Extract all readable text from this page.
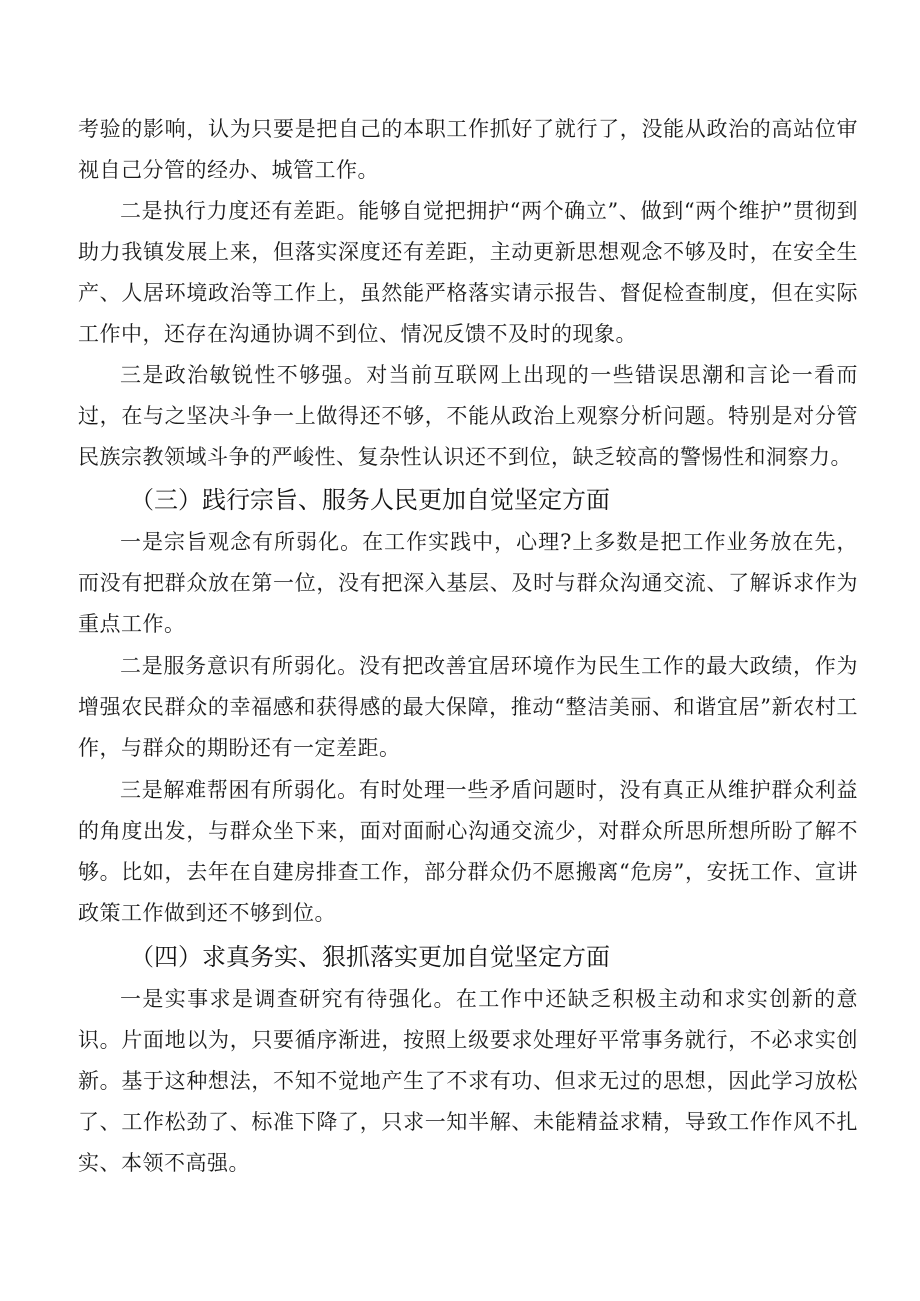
考验的影响，认为只要是把自己的本职工作抓好了就行了，没能从政治的高站位审视自己分管的经办、城管工作。

二是执行力度还有差距。能够自觉把拥护“两个确立”、做到“两个维护”贯彻到助力我镇发展上来，但落实深度还有差距，主动更新思想观念不够及时，在安全生产、人居环境政治等工作上，虽然能严格落实请示报告、督促检查制度，但在实际工作中，还存在沟通协调不到位、情况反馈不及时的现象。

三是政治敏锐性不够强。对当前互联网上出现的一些错误思潮和言论一看而过，在与之坚决斗争一上做得还不够，不能从政治上观察分析问题。特别是对分管民族宗教领域斗争的严峻性、复杂性认识还不到位，缺乏较高的警惕性和洞察力。

（三）践行宗旨、服务人民更加自觉坚定方面

一是宗旨观念有所弱化。在工作实践中，心理?上多数是把工作业务放在先，而没有把群众放在第一位，没有把深入基层、及时与群众沟通交流、了解诉求作为重点工作。

二是服务意识有所弱化。没有把改善宜居环境作为民生工作的最大政绩，作为增强农民群众的幸福感和获得感的最大保障，推动“整洁美丽、和谐宜居”新农村工作，与群众的期盼还有一定差距。

三是解难帮困有所弱化。有时处理一些矛盾问题时，没有真正从维护群众利益的角度出发，与群众坐下来，面对面耐心沟通交流少，对群众所思所想所盼了解不够。比如，去年在自建房排查工作，部分群众仍不愿搬离“危房”，安抚工作、宣讲政策工作做到还不够到位。

（四）求真务实、狠抓落实更加自觉坚定方面

一是实事求是调查研究有待强化。在工作中还缺乏积极主动和求实创新的意识。片面地以为，只要循序渐进，按照上级要求处理好平常事务就行，不必求实创新。基于这种想法，不知不觉地产生了不求有功、但求无过的思想，因此学习放松了、工作松劲了、标准下降了，只求一知半解、未能精益求精，导致工作作风不扎实、本领不高强。
